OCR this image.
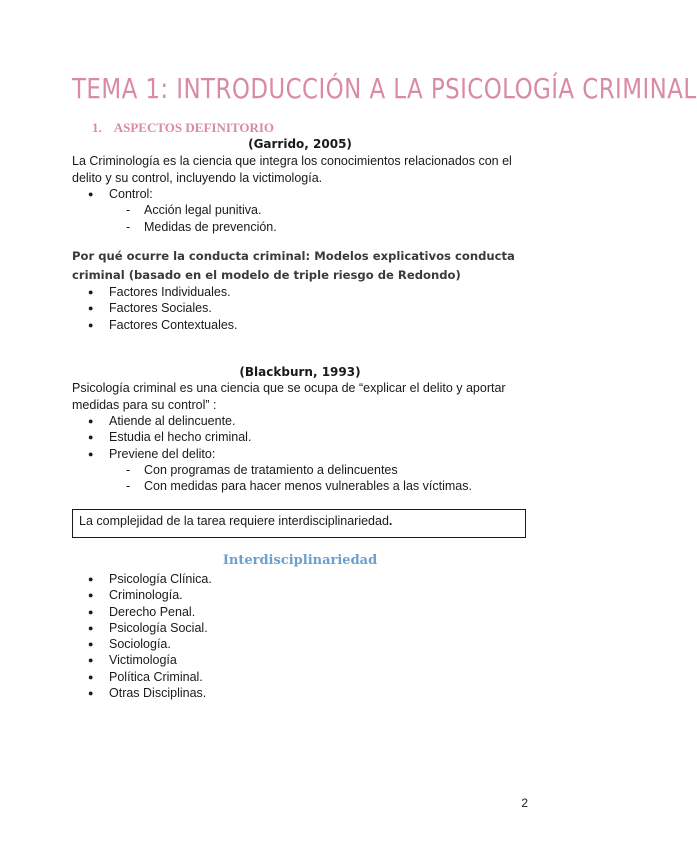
TEMA 1: INTRODUCCIÓN A LA PSICOLOGÍA CRIMINAL
1. ASPECTOS DEFINITORIO
(Garrido, 2005)
La Criminología es la ciencia que integra los conocimientos relacionados con el delito y su control, incluyendo la victimología.
● Control:
- Acción legal punitiva.
- Medidas de prevención.
Por qué ocurre la conducta criminal: Modelos explicativos conducta criminal (basado en el modelo de triple riesgo de Redondo)
● Factores Individuales.
● Factores Sociales.
● Factores Contextuales.
(Blackburn, 1993)
Psicología criminal es una ciencia que se ocupa de “explicar el delito y aportar medidas para su control” :
● Atiende al delincuente.
● Estudia el hecho criminal.
● Previene del delito:
- Con programas de tratamiento a delincuentes
- Con medidas para hacer menos vulnerables a las víctimas.
La complejidad de la tarea requiere interdisciplinariedad.
Interdisciplinariedad
● Psicología Clínica.
● Criminología.
● Derecho Penal.
● Psicología Social.
● Sociología.
● Victimología
● Política Criminal.
● Otras Disciplinas.
2
